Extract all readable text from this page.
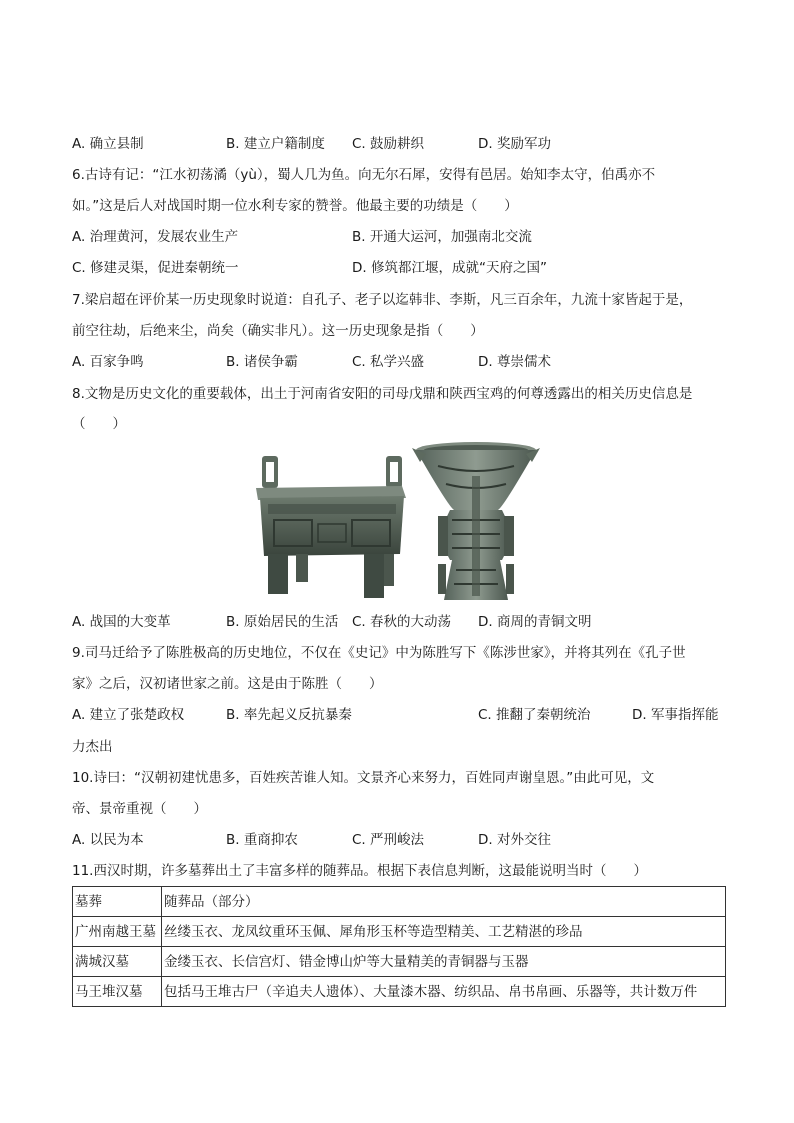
A. 确立县制	B. 建立户籍制度 C. 鼓励耕织	D. 奖励军功
6.古诗有记：“江水初荡潏（yù），蜀人几为鱼。向无尔石犀，安得有邑居。始知李太守，伯禹亦不
如。”这是后人对战国时期一位水利专家的赞誉。他最主要的功绩是（　　）
A. 治理黄河，发展农业生产	B. 开通大运河，加强南北交流
C. 修建灵渠，促进秦朝统一	D. 修筑都江堰，成就“天府之国”
7.梁启超在评价某一历史现象时说道：自孔子、老子以迄韩非、李斯，凡三百余年，九流十家皆起于是，
前空往劫，后绝来尘，尚矣（确实非凡）。这一历史现象是指（　　）
A. 百家争鸣	B. 诸侯争霸	C. 私学兴盛	D. 尊崇儒术
8.文物是历史文化的重要载体，出土于河南省安阳的司母戊鼎和陕西宝鸡的何尊透露出的相关历史信息是
（　　）
A. 战国的大变革	B. 原始居民的生活 C. 春秋的大动荡 D. 商周的青铜文明
9.司马迁给予了陈胜极高的历史地位，不仅在《史记》中为陈胜写下《陈涉世家》，并将其列在《孔子世
家》之后，汉初诸世家之前。这是由于陈胜（　　）
A. 建立了张楚政权	B. 率先起义反抗暴秦	C. 推翻了秦朝统治	D. 军事指挥能
力杰出
10.诗曰：“汉朝初建忧患多，百姓疾苦谁人知。文景齐心来努力，百姓同声谢皇恩。”由此可见，文
帝、景帝重视（　　）
A. 以民为本	B. 重商抑农	C. 严刑峻法	D. 对外交往
11.西汉时期，许多墓葬出土了丰富多样的随葬品。根据下表信息判断，这最能说明当时（　　）
墓葬	随葬品（部分）
广州南越王墓	丝缕玉衣、龙凤纹重环玉佩、犀角形玉杯等造型精美、工艺精湛的珍品
满城汉墓	金缕玉衣、长信宫灯、错金博山炉等大量精美的青铜器与玉器
马王堆汉墓	包括马王堆古尸（辛追夫人遗体）、大量漆木器、纺织品、帛书帛画、乐器等，共计数万件
